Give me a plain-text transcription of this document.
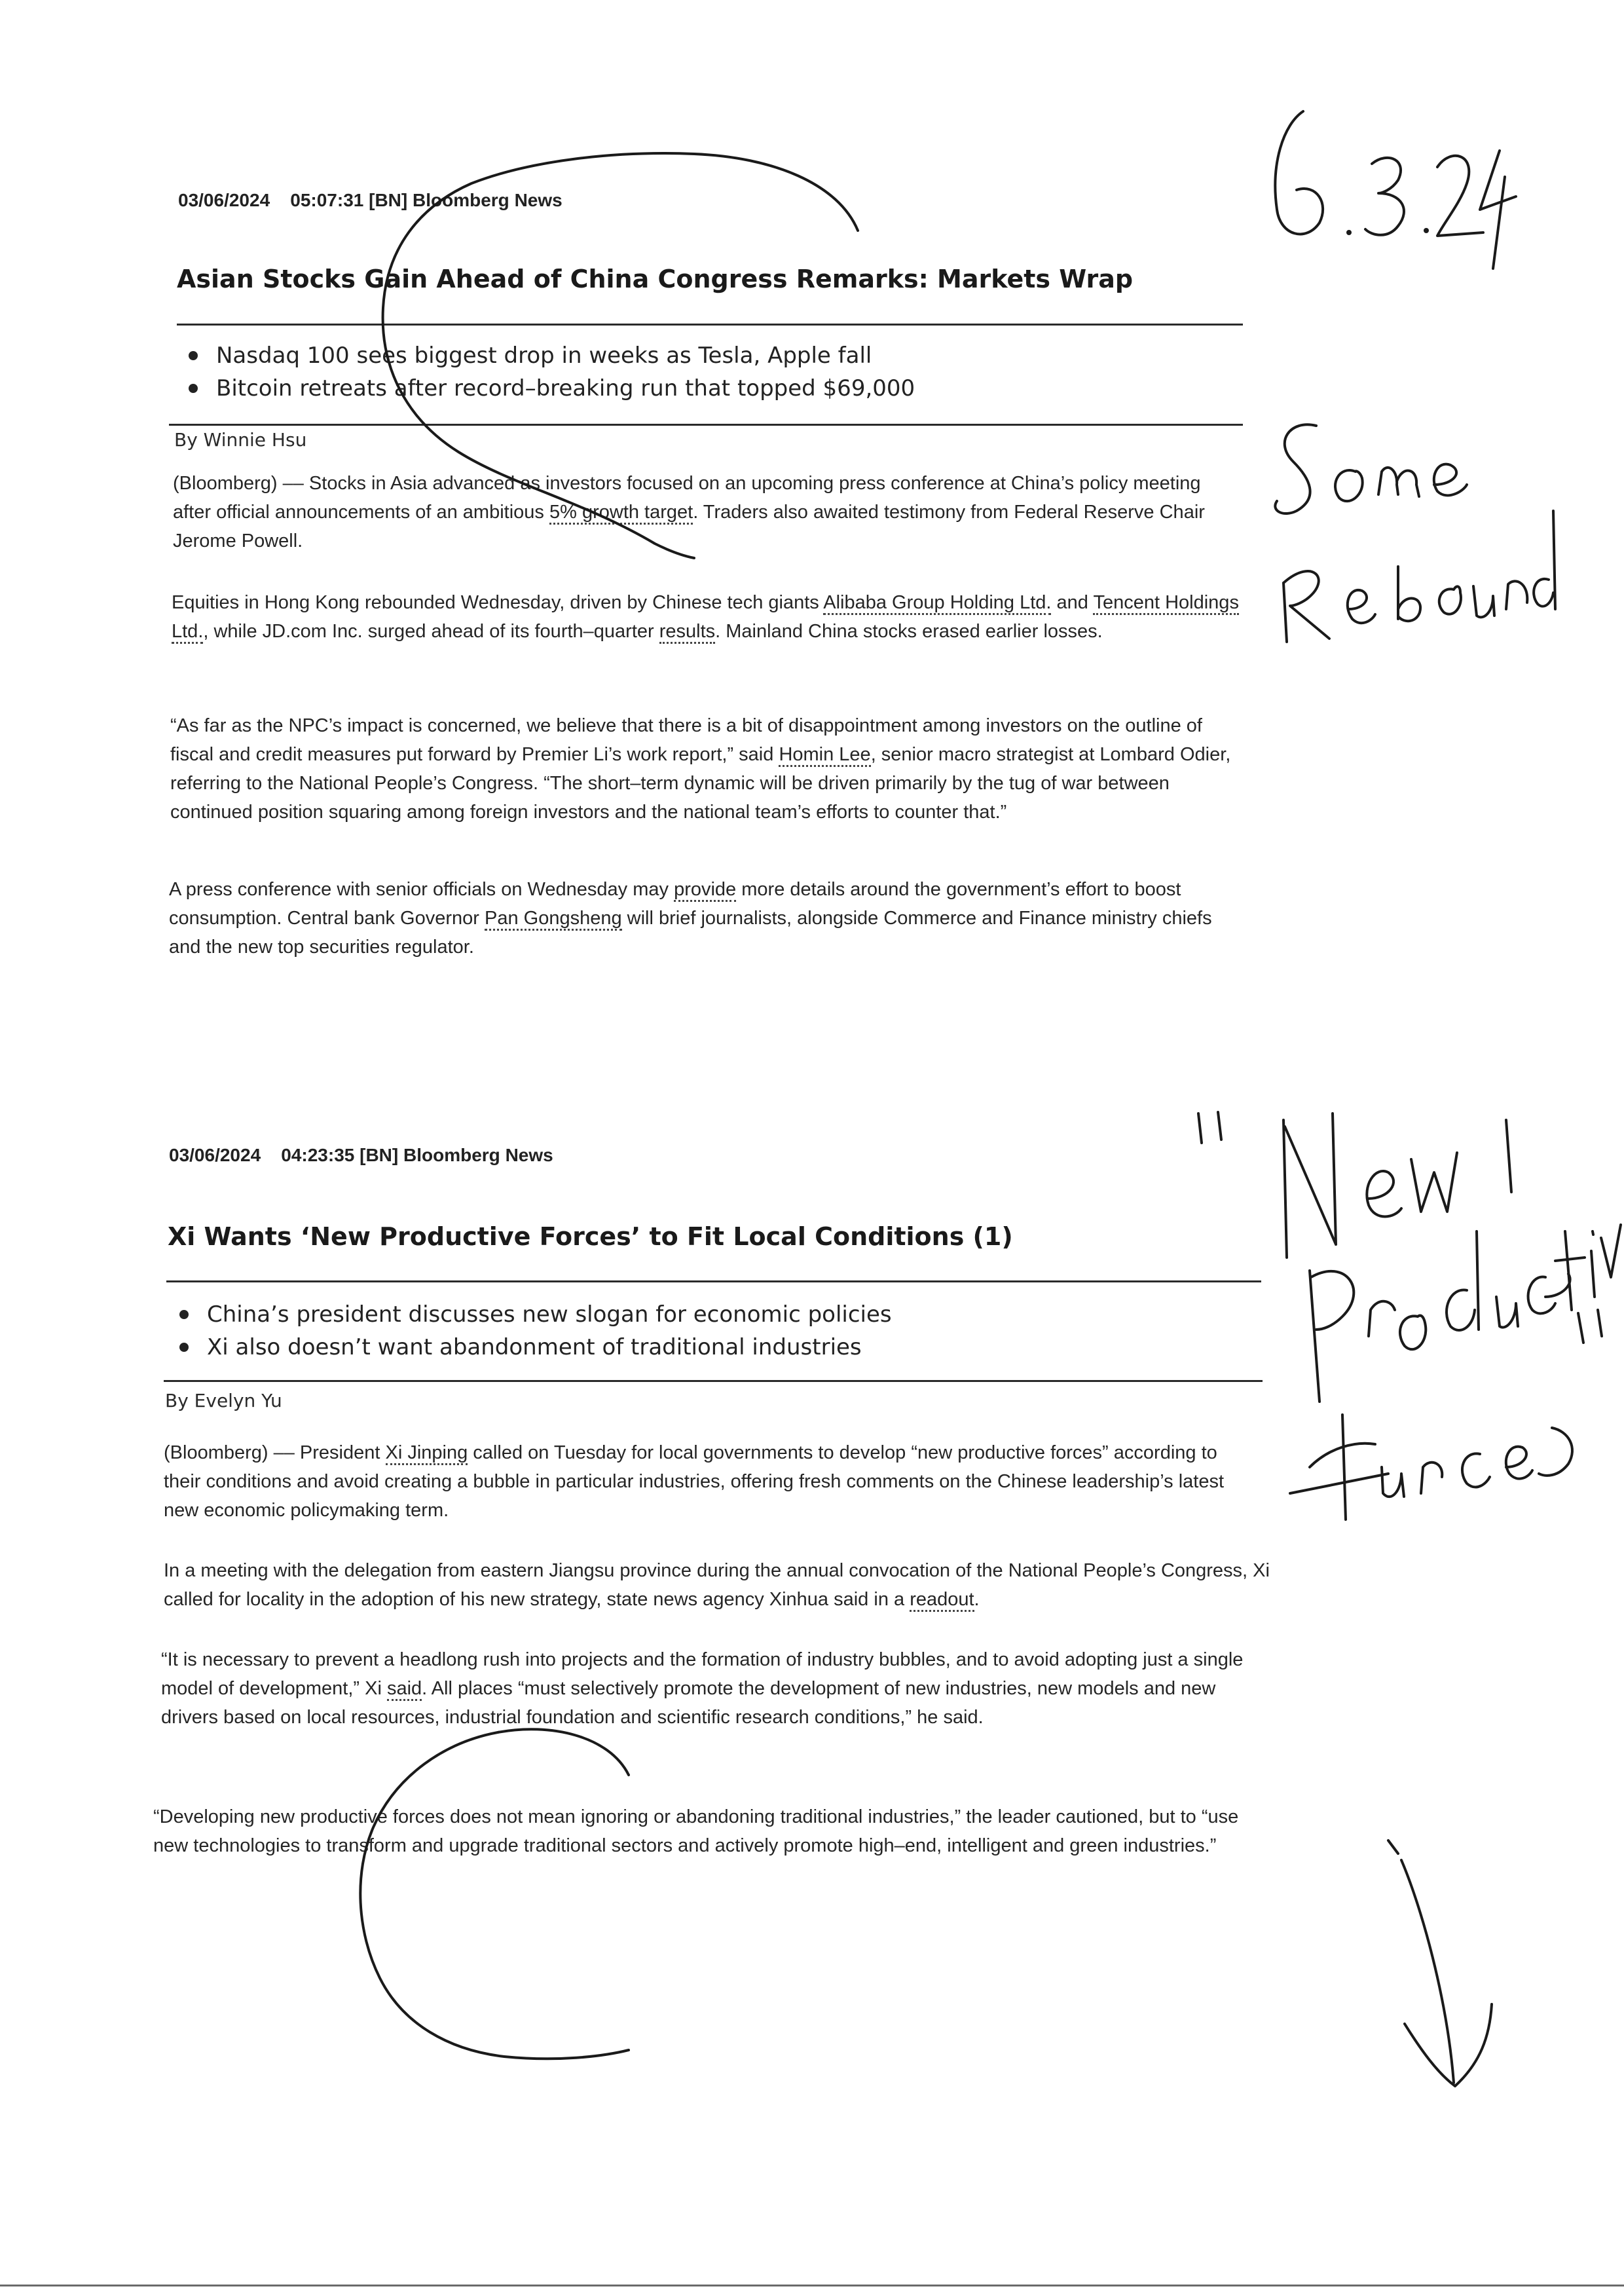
03/06/2024 05:07:31 [BN] Bloomberg News
Asian Stocks Gain Ahead of China Congress Remarks: Markets Wrap
Nasdaq 100 sees biggest drop in weeks as Tesla, Apple fall
Bitcoin retreats after record–breaking run that topped $69,000
By Winnie Hsu
(Bloomberg) –– Stocks in Asia advanced as investors focused on an upcoming press conference at China’s policy meeting after official announcements of an ambitious 5% growth target. Traders also awaited testimony from Federal Reserve Chair Jerome Powell.
Equities in Hong Kong rebounded Wednesday, driven by Chinese tech giants Alibaba Group Holding Ltd. and Tencent Holdings Ltd., while JD.com Inc. surged ahead of its fourth–quarter results. Mainland China stocks erased earlier losses.
“As far as the NPC’s impact is concerned, we believe that there is a bit of disappointment among investors on the outline of fiscal and credit measures put forward by Premier Li’s work report,” said Homin Lee, senior macro strategist at Lombard Odier, referring to the National People’s Congress. “The short–term dynamic will be driven primarily by the tug of war between continued position squaring among foreign investors and the national team’s efforts to counter that.”
A press conference with senior officials on Wednesday may provide more details around the government’s effort to boost consumption. Central bank Governor Pan Gongsheng will brief journalists, alongside Commerce and Finance ministry chiefs and the new top securities regulator.
03/06/2024 04:23:35 [BN] Bloomberg News
Xi Wants ‘New Productive Forces’ to Fit Local Conditions (1)
China’s president discusses new slogan for economic policies
Xi also doesn’t want abandonment of traditional industries
By Evelyn Yu
(Bloomberg) –– President Xi Jinping called on Tuesday for local governments to develop “new productive forces” according to their conditions and avoid creating a bubble in particular industries, offering fresh comments on the Chinese leadership’s latest new economic policymaking term.
In a meeting with the delegation from eastern Jiangsu province during the annual convocation of the National People’s Congress, Xi called for locality in the adoption of his new strategy, state news agency Xinhua said in a readout.
“It is necessary to prevent a headlong rush into projects and the formation of industry bubbles, and to avoid adopting just a single model of development,” Xi said. All places “must selectively promote the development of new industries, new models and new drivers based on local resources, industrial foundation and scientific research conditions,” he said.
“Developing new productive forces does not mean ignoring or abandoning traditional industries,” the leader cautioned, but to “use new technologies to transform and upgrade traditional sectors and actively promote high–end, intelligent and green industries.”
